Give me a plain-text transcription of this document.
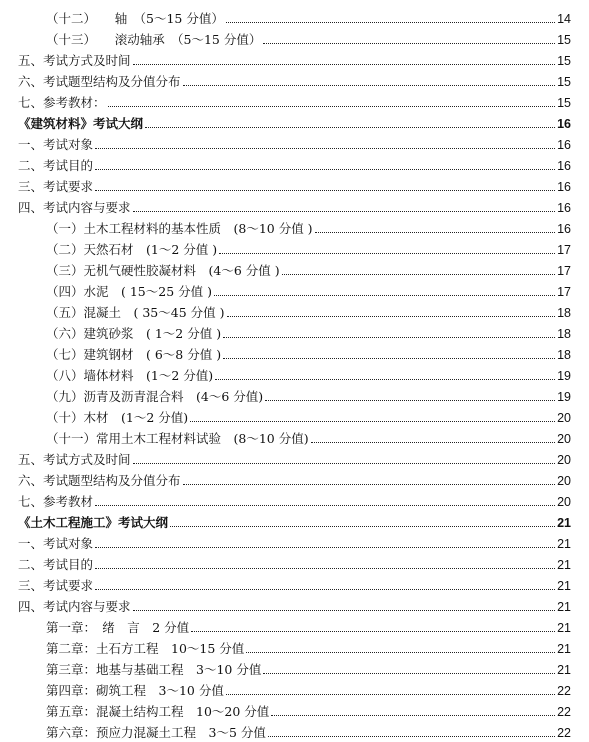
（十二）　　轴　（5～15 分值）	14
（十三）　　滚动轴承　（5～15 分值）	15
五、考试方式及时间	15
六、考试题型结构及分值分布	15
七、参考教材：	15
《建筑材料》考试大纲	16
一、考试对象	16
二、考试目的	16
三、考试要求	16
四、考试内容与要求	16
（一）土木工程材料的基本性质　(8～10 分值 )	16
（二）天然石材　(1～2 分值 )	17
（三）无机气硬性胶凝材料　(4～6 分值 )	17
（四）水泥　( 15～25 分值 )	17
（五）混凝土　( 35～45 分值 )	18
（六）建筑砂浆　( 1～2 分值 )	18
（七）建筑钢材　( 6～8 分值 )	18
（八）墙体材料　(1～2 分值)	19
（九）沥青及沥青混合料　(4～6 分值)	19
（十）木材　(1～2 分值)	20
（十一）常用土木工程材料试验　(8～10 分值)	20
五、考试方式及时间	20
六、考试题型结构及分值分布	20
七、参考教材	20
《土木工程施工》考试大纲	21
一、考试对象	21
二、考试目的	21
三、考试要求	21
四、考试内容与要求	21
第一章：　绪　言　2 分值	21
第二章：土石方工程　10～15 分值	21
第三章：地基与基础工程　3～10 分值	21
第四章：砌筑工程　3～10 分值	22
第五章：混凝土结构工程　10～20 分值	22
第六章：预应力混凝土工程　3～5 分值	22
